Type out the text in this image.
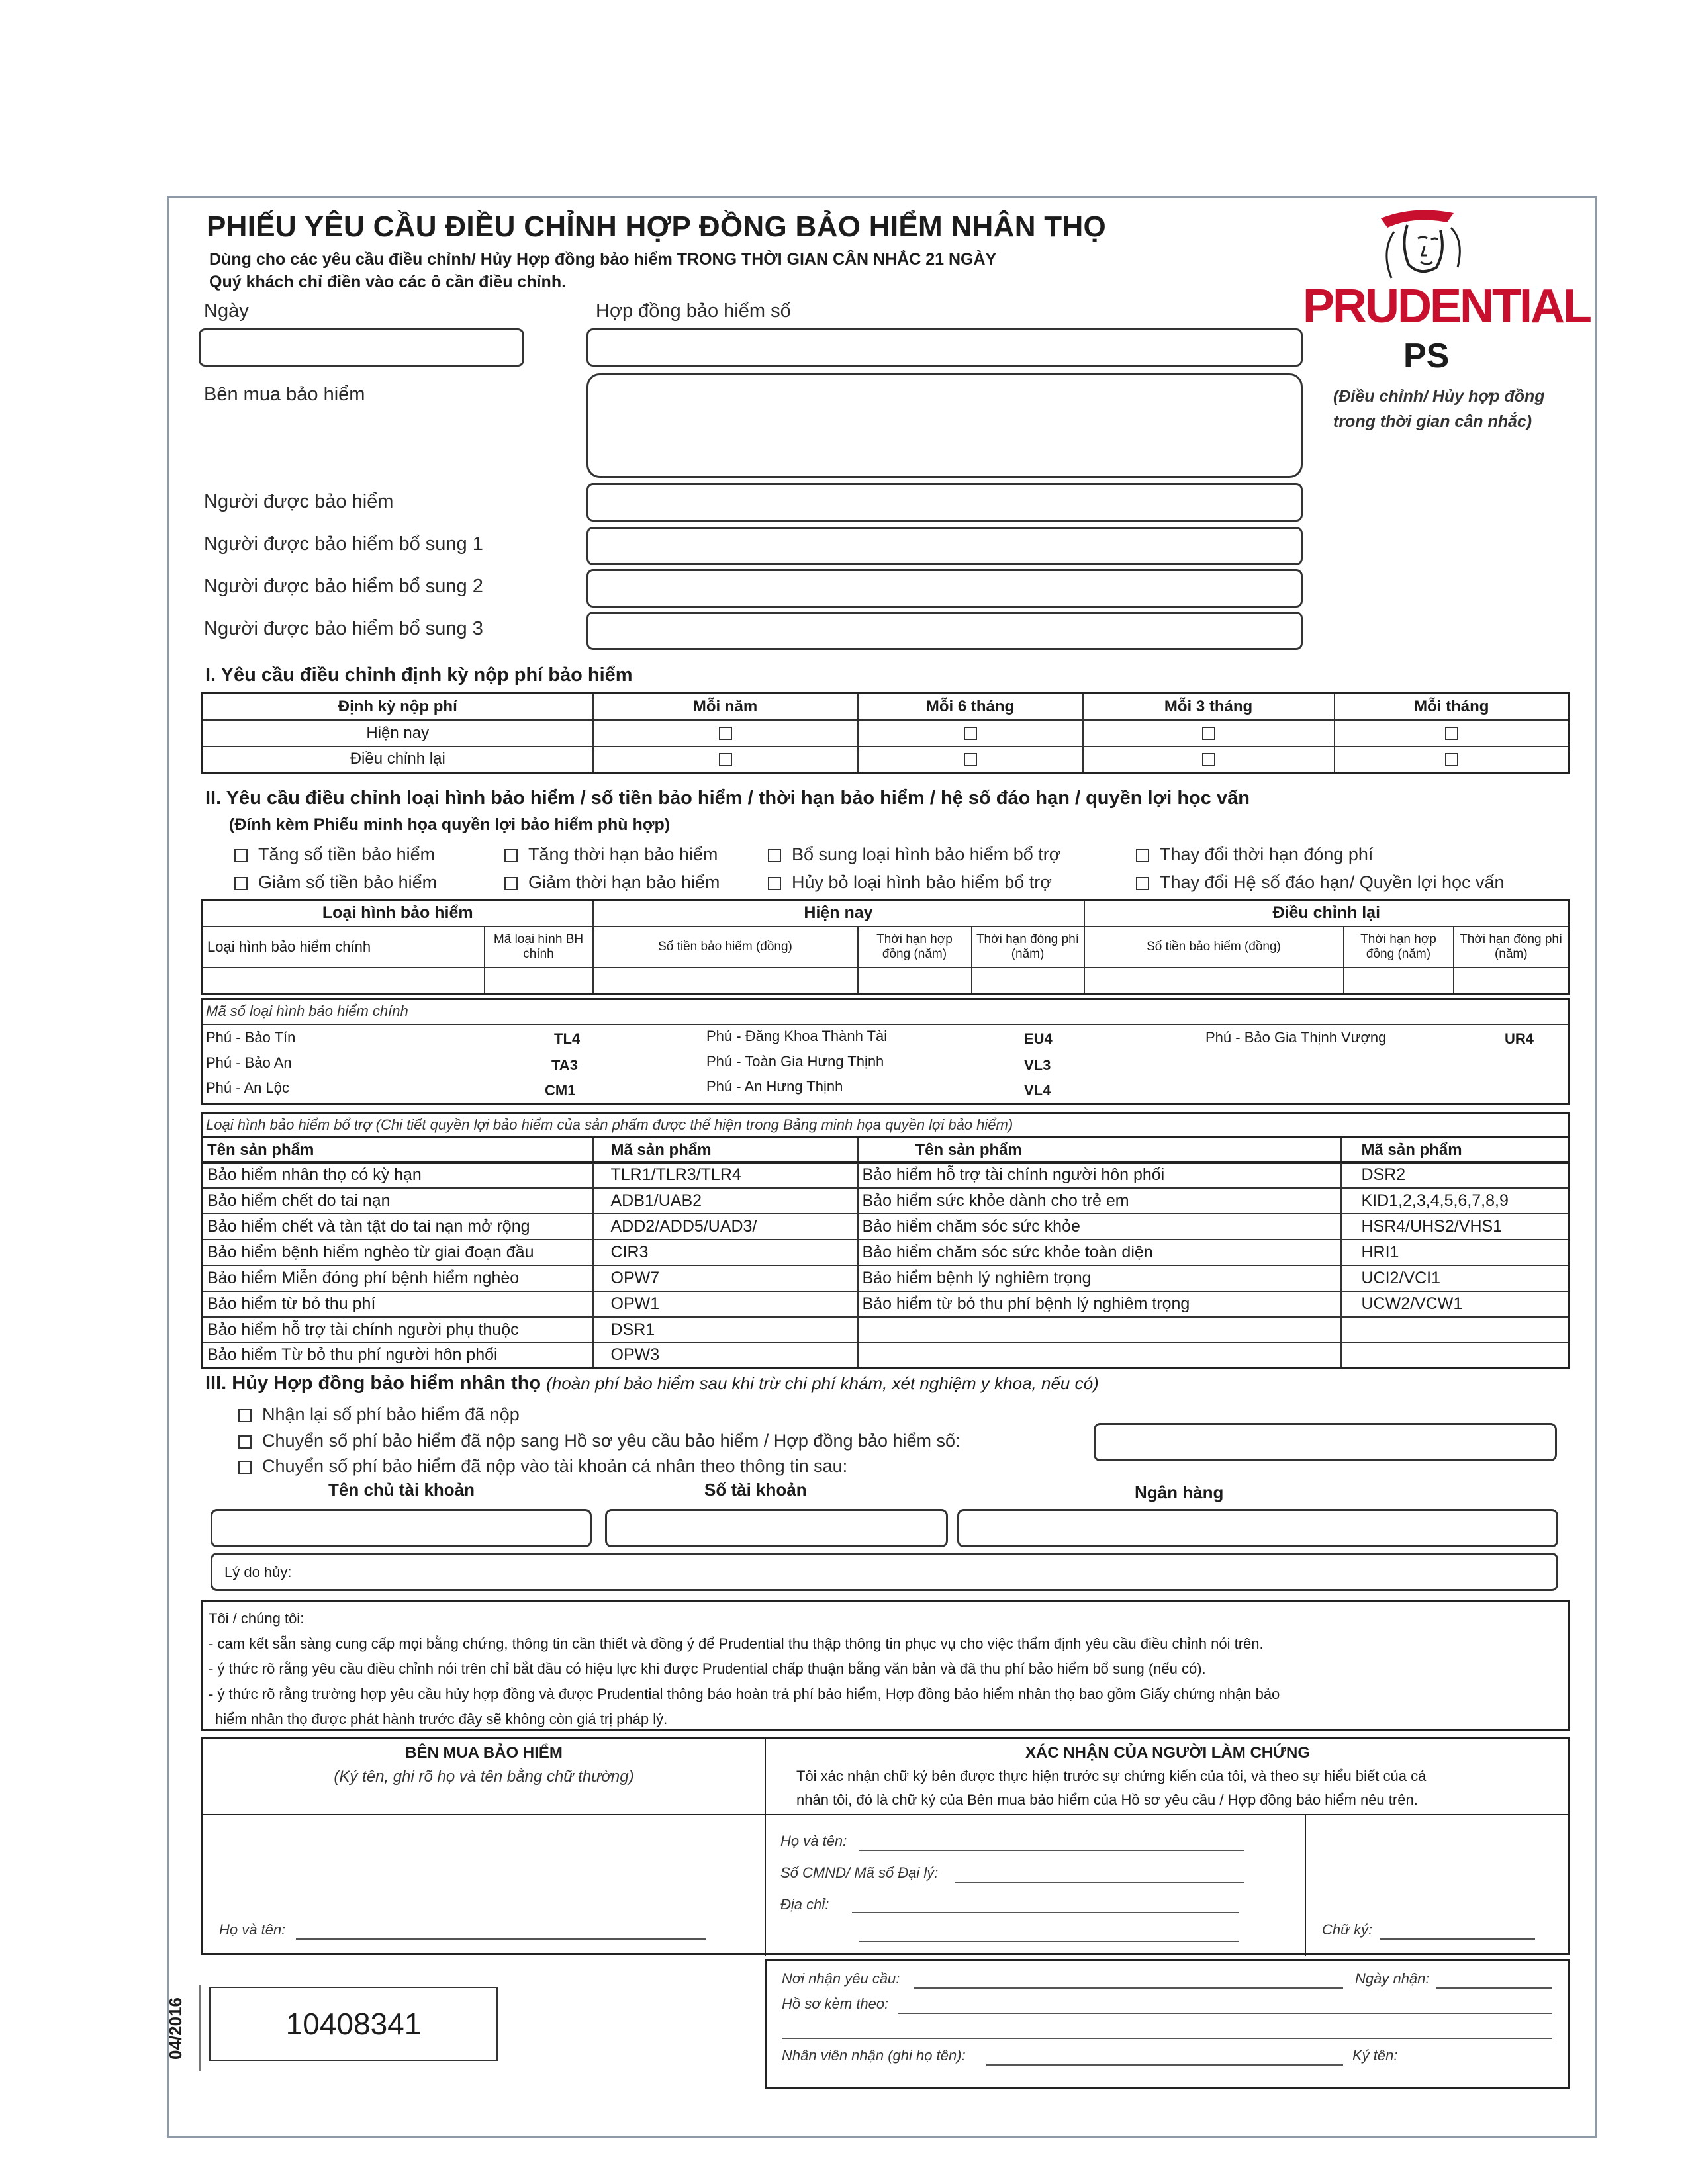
PHIẾU YÊU CẦU ĐIỀU CHỈNH HỢP ĐỒNG BẢO HIỂM NHÂN THỌ
Dùng cho các yêu cầu điều chỉnh/ Hủy Hợp đồng bảo hiểm TRONG THỜI GIAN CÂN NHẮC 21 NGÀY
Quý khách chỉ điền vào các ô cần điều chỉnh.	PRUDENTIAL
PS
(Điều chỉnh/ Hủy hợp đồng
trong thời gian cân nhắc)
Ngày	Hợp đồng bảo hiểm số
Bên mua bảo hiểm
Người được bảo hiểm
Người được bảo hiểm bổ sung 1
Người được bảo hiểm bổ sung 2
Người được bảo hiểm bổ sung 3
I. Yêu cầu điều chỉnh định kỳ nộp phí bảo hiểm
Định kỳ nộp phí	Mỗi năm	Mỗi 6 tháng	Mỗi 3 tháng	Mỗi tháng
Hiện nay				
Điều chỉnh lại				
II. Yêu cầu điều chỉnh loại hình bảo hiểm / số tiền bảo hiểm / thời hạn bảo hiểm / hệ số đáo hạn / quyền lợi học vấn
(Đính kèm Phiếu minh họa quyền lợi bảo hiểm phù hợp)
Tăng số tiền bảo hiểm	Tăng thời hạn bảo hiểm	Bổ sung loại hình bảo hiểm bổ trợ	Thay đổi thời hạn đóng phí
Giảm số tiền bảo hiểm	Giảm thời hạn bảo hiểm	Hủy bỏ loại hình bảo hiểm bổ trợ	Thay đổi Hệ số đáo hạn/ Quyền lợi học vấn
Loại hình bảo hiểm		Hiện nay			Điều chỉnh lại		
Loại hình bảo hiểm chính	Mã loại hình BH chính	Số tiền bảo hiểm (đồng)	Thời hạn hợp đồng (năm)	Thời hạn đóng phí (năm)	Số tiền bảo hiểm (đồng)	Thời hạn hợp đồng (năm)	Thời hạn đóng phí (năm)

Mã số loại hình bảo hiểm chính
Phú - Bảo Tín	TL4	Phú - Đăng Khoa Thành Tài	EU4	Phú - Bảo Gia Thịnh Vượng	UR4
Phú - Bảo An	TA3	Phú - Toàn Gia Hưng Thịnh	VL3
Phú - An Lộc	CM1	Phú - An Hưng Thịnh	VL4
Loại hình bảo hiểm bổ trợ (Chi tiết quyền lợi bảo hiểm của sản phẩm được thể hiện trong Bảng minh họa quyền lợi bảo hiểm)
Tên sản phẩm	Mã sản phẩm	Tên sản phẩm	Mã sản phẩm
Bảo hiểm nhân thọ có kỳ hạn	TLR1/TLR3/TLR4	Bảo hiểm hỗ trợ tài chính người hôn phối	DSR2
Bảo hiểm chết do tai nạn	ADB1/UAB2	Bảo hiểm sức khỏe dành cho trẻ em	KID1,2,3,4,5,6,7,8,9
Bảo hiểm chết và tàn tật do tai nạn mở rộng	ADD2/ADD5/UAD3/	Bảo hiểm chăm sóc sức khỏe	HSR4/UHS2/VHS1
Bảo hiểm bệnh hiểm nghèo từ giai đoạn đầu	CIR3	Bảo hiểm chăm sóc sức khỏe toàn diện	HRI1
Bảo hiểm Miễn đóng phí bệnh hiểm nghèo	OPW7	Bảo hiểm bệnh lý nghiêm trọng	UCI2/VCI1
Bảo hiểm từ bỏ thu phí	OPW1	Bảo hiểm từ bỏ thu phí bệnh lý nghiêm trọng	UCW2/VCW1
Bảo hiểm hỗ trợ tài chính người phụ thuộc	DSR1		
Bảo hiểm Từ bỏ thu phí người hôn phối	OPW3		
III. Hủy Hợp đồng bảo hiểm nhân thọ (hoàn phí bảo hiểm sau khi trừ chi phí khám, xét nghiệm y khoa, nếu có)
Nhận lại số phí bảo hiểm đã nộp
Chuyển số phí bảo hiểm đã nộp sang Hồ sơ yêu cầu bảo hiểm / Hợp đồng bảo hiểm số:
Chuyển số phí bảo hiểm đã nộp vào tài khoản cá nhân theo thông tin sau:
Tên chủ tài khoản	Số tài khoản	Ngân hàng
Lý do hủy:

Tôi / chúng tôi:

- cam kết sẵn sàng cung cấp mọi bằng chứng, thông tin cần thiết và đồng ý để Prudential thu thập thông tin phục vụ cho việc thẩm định yêu cầu điều chỉnh nói trên.

- ý thức rõ rằng yêu cầu điều chỉnh nói trên chỉ bắt đầu có hiệu lực khi được Prudential chấp thuận bằng văn bản và đã thu phí bảo hiểm bổ sung (nếu có).

- ý thức rõ rằng trường hợp yêu cầu hủy hợp đồng và được Prudential thông báo hoàn trả phí bảo hiểm, Hợp đồng bảo hiểm nhân thọ bao gồm Giấy chứng nhận bảo

hiểm nhân thọ được phát hành trước đây sẽ không còn giá trị pháp lý.

BÊN MUA BẢO HIỂM
(Ký tên, ghi rõ họ và tên bằng chữ thường)
Họ và tên:
XÁC NHẬN CỦA NGƯỜI LÀM CHỨNG
Tôi xác nhận chữ ký bên được thực hiện trước sự chứng kiến của tôi, và theo sự hiểu biết của cá
nhân tôi, đó là chữ ký của Bên mua bảo hiểm của Hồ sơ yêu cầu / Hợp đồng bảo hiểm nêu trên.
Họ và tên:
Số CMND/ Mã số Đại lý:
Địa chỉ:
Chữ ký:
Nơi nhận yêu cầu:	Ngày nhận:
Hồ sơ kèm theo:
Nhân viên nhận (ghi họ tên):	Ký tên:
04/2016	10408341
